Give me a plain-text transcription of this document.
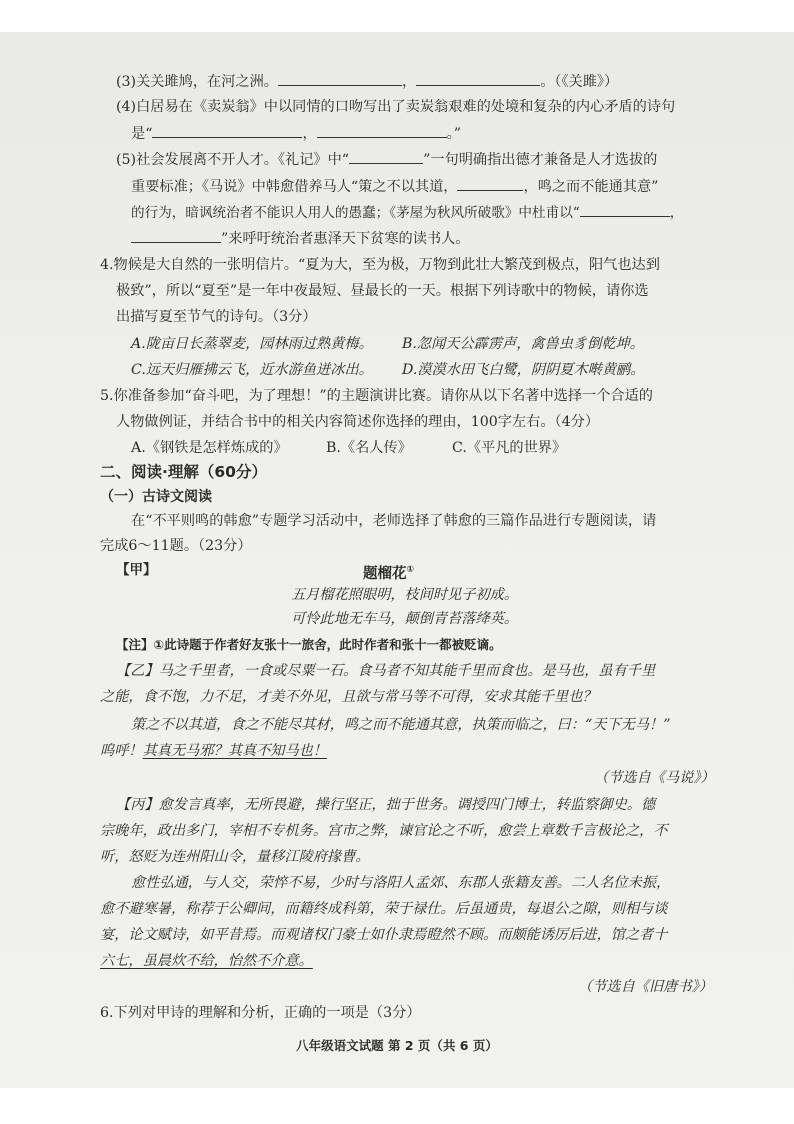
(3)关关雎鸠，在河之洲。	，	。（《关雎》）
(4)白居易在《卖炭翁》中以同情的口吻写出了卖炭翁艰难的处境和复杂的内心矛盾的诗句
是“	，	。”
(5)社会发展离不开人才。《礼记》中“	”一句明确指出德才兼备是人才选拔的
重要标准；《马说》中韩愈借养马人“策之不以其道，	，鸣之而不能通其意”
的行为，暗讽统治者不能识人用人的愚蠢；《茅屋为秋风所破歌》中杜甫以“	，
”来呼吁统治者惠泽天下贫寒的读书人。
4.物候是大自然的一张明信片。“夏为大，至为极，万物到此壮大繁茂到极点，阳气也达到
极致”，所以“夏至”是一年中夜最短、昼最长的一天。根据下列诗歌中的物候，请你选
出描写夏至节气的诗句。（3分）
A.陇亩日长蒸翠麦，园林雨过熟黄梅。 B.忽闻天公霹雳声，禽兽虫豸倒乾坤。
C.远天归雁拂云飞，近水游鱼迸冰出。 D.漠漠水田飞白鹭，阴阴夏木啭黄鹂。
5.你准备参加“奋斗吧，为了理想！”的主题演讲比赛。请你从以下名著中选择一个合适的
人物做例证，并结合书中的相关内容简述你选择的理由，100字左右。（4分）
A.《钢铁是怎样炼成的》	B.《名人传》	C.《平凡的世界》
二、阅读·理解（60分）
（一）古诗文阅读
在“不平则鸣的韩愈”专题学习活动中，老师选择了韩愈的三篇作品进行专题阅读，请
完成6～11题。（23分）
【甲】	题榴花①
五月榴花照眼明，枝间时见子初成。
可怜此地无车马，颠倒青苔落绛英。
【注】①此诗题于作者好友张十一旅舍，此时作者和张十一都被贬谪。
【乙】马之千里者，一食或尽粟一石。食马者不知其能千里而食也。是马也，虽有千里
之能，食不饱，力不足，才美不外见，且欲与常马等不可得，安求其能千里也？
策之不以其道，食之不能尽其材，鸣之而不能通其意，执策而临之，曰：“天下无马！”
呜呼！其真无马邪？其真不知马也！
（节选自《马说》）
【丙】愈发言真率，无所畏避，操行坚正，拙于世务。调授四门博士，转监察御史。德
宗晚年，政出多门，宰相不专机务。宫市之弊，谏官论之不听，愈尝上章数千言极论之，不
听，怒贬为连州阳山令，量移江陵府掾曹。
愈性弘通，与人交，荣悴不易，少时与洛阳人孟郊、东郡人张籍友善。二人名位未振，
愈不避寒暑，称荐于公卿间，而籍终成科第，荣于禄仕。后虽通贵，每退公之隙，则相与谈
宴，论文赋诗，如平昔焉。而观诸权门豪士如仆隶焉瞪然不顾。而颇能诱厉后进，馆之者十
六七，虽晨炊不给，怡然不介意。
（节选自《旧唐书》）
6.下列对甲诗的理解和分析，正确的一项是（3分）
八年级语文试题 第 2 页（共 6 页）
